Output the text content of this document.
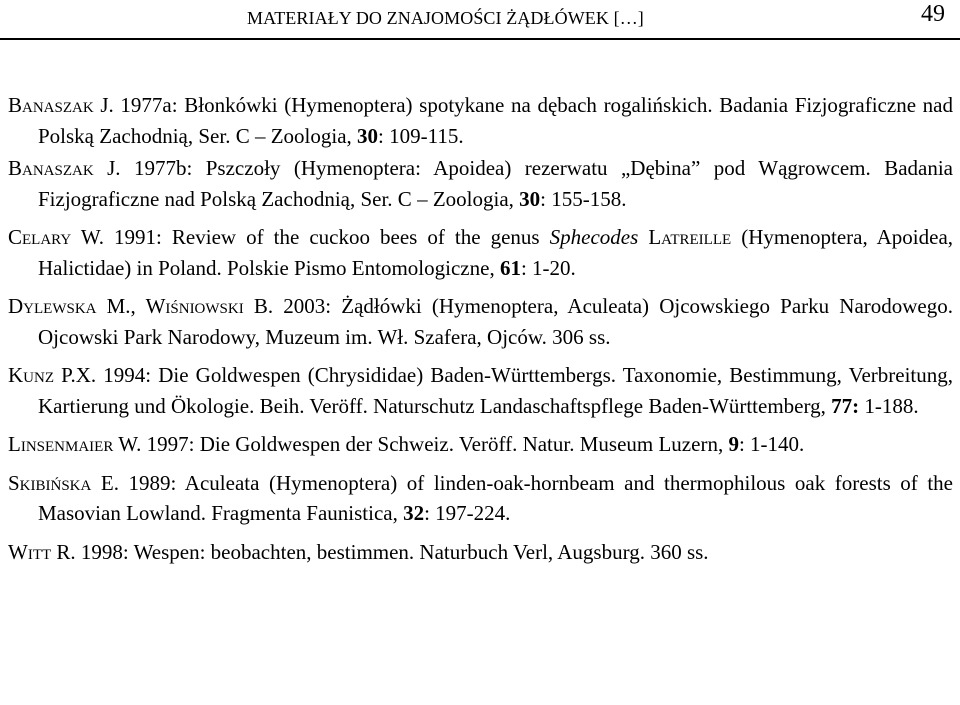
MATERIAŁY DO ZNAJOMOŚCI ŻĄDŁÓWEK […]	49

Banaszak J. 1977a: Błonkówki (Hymenoptera) spotykane na dębach rogalińskich. Badania Fizjograficzne nad Polską Zachodnią, Ser. C – Zoologia, 30: 109-115.

Banaszak J. 1977b: Pszczoły (Hymenoptera: Apoidea) rezerwatu „Dębina” pod Wągrowcem. Badania Fizjograficzne nad Polską Zachodnią, Ser. C – Zoologia, 30: 155-158.

Celary W. 1991: Review of the cuckoo bees of the genus Sphecodes Latreille (Hymenoptera, Apoidea, Halictidae) in Poland. Polskie Pismo Entomologiczne, 61: 1-20.

Dylewska M., Wiśniowski B. 2003: Żądłówki (Hymenoptera, Aculeata) Ojcowskiego Parku Narodowego. Ojcowski Park Narodowy, Muzeum im. Wł. Szafera, Ojców. 306 ss.

Kunz P.X. 1994: Die Goldwespen (Chrysididae) Baden-Württembergs. Taxonomie, Bestimmung, Verbreitung, Kartierung und Ökologie. Beih. Veröff. Naturschutz Landaschaftspflege Baden-Württemberg, 77: 1-188.

Linsenmaier W. 1997: Die Goldwespen der Schweiz. Veröff. Natur. Museum Luzern, 9: 1-140.

Skibińska E. 1989: Aculeata (Hymenoptera) of linden-oak-hornbeam and thermophilous oak forests of the Masovian Lowland. Fragmenta Faunistica, 32: 197-224.

Witt R. 1998: Wespen: beobachten, bestimmen. Naturbuch Verl, Augsburg. 360 ss.
